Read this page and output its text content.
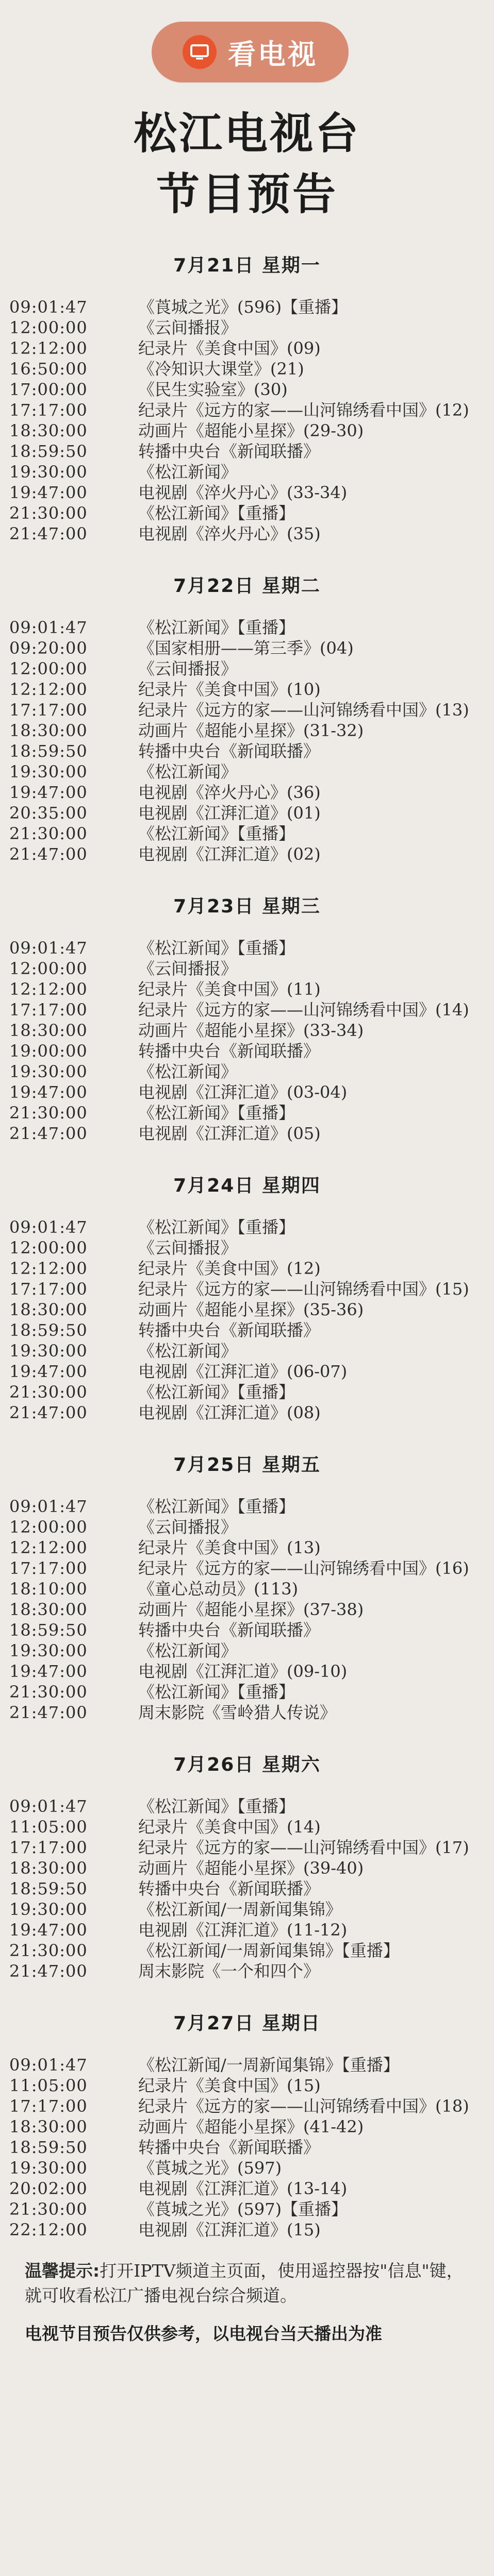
看电视
松江电视台
节目预告
7月21日 星期一
09:01:47	《莨城之光》(596)【重播】
12:00:00	《云间播报》
12:12:00	纪录片《美食中国》(09)
16:50:00	《冷知识大课堂》(21)
17:00:00	《民生实验室》(30)
17:17:00	纪录片《远方的家——山河锦绣看中国》(12)
18:30:00	动画片《超能小星探》(29-30)
18:59:50	转播中央台《新闻联播》
19:30:00	《松江新闻》
19:47:00	电视剧《淬火丹心》(33-34)
21:30:00	《松江新闻》【重播】
21:47:00	电视剧《淬火丹心》(35)
7月22日 星期二
09:01:47	《松江新闻》【重播】
09:20:00	《国家相册——第三季》(04)
12:00:00	《云间播报》
12:12:00	纪录片《美食中国》(10)
17:17:00	纪录片《远方的家——山河锦绣看中国》(13)
18:30:00	动画片《超能小星探》(31-32)
18:59:50	转播中央台《新闻联播》
19:30:00	《松江新闻》
19:47:00	电视剧《淬火丹心》(36)
20:35:00	电视剧《江湃汇道》(01)
21:30:00	《松江新闻》【重播】
21:47:00	电视剧《江湃汇道》(02)
7月23日 星期三
09:01:47	《松江新闻》【重播】
12:00:00	《云间播报》
12:12:00	纪录片《美食中国》(11)
17:17:00	纪录片《远方的家——山河锦绣看中国》(14)
18:30:00	动画片《超能小星探》(33-34)
19:00:00	转播中央台《新闻联播》
19:30:00	《松江新闻》
19:47:00	电视剧《江湃汇道》(03-04)
21:30:00	《松江新闻》【重播】
21:47:00	电视剧《江湃汇道》(05)
7月24日 星期四
09:01:47	《松江新闻》【重播】
12:00:00	《云间播报》
12:12:00	纪录片《美食中国》(12)
17:17:00	纪录片《远方的家——山河锦绣看中国》(15)
18:30:00	动画片《超能小星探》(35-36)
18:59:50	转播中央台《新闻联播》
19:30:00	《松江新闻》
19:47:00	电视剧《江湃汇道》(06-07)
21:30:00	《松江新闻》【重播】
21:47:00	电视剧《江湃汇道》(08)
7月25日 星期五
09:01:47	《松江新闻》【重播】
12:00:00	《云间播报》
12:12:00	纪录片《美食中国》(13)
17:17:00	纪录片《远方的家——山河锦绣看中国》(16)
18:10:00	《童心总动员》(113)
18:30:00	动画片《超能小星探》(37-38)
18:59:50	转播中央台《新闻联播》
19:30:00	《松江新闻》
19:47:00	电视剧《江湃汇道》(09-10)
21:30:00	《松江新闻》【重播】
21:47:00	周末影院《雪岭猎人传说》
7月26日 星期六
09:01:47	《松江新闻》【重播】
11:05:00	纪录片《美食中国》(14)
17:17:00	纪录片《远方的家——山河锦绣看中国》(17)
18:30:00	动画片《超能小星探》(39-40)
18:59:50	转播中央台《新闻联播》
19:30:00	《松江新闻/一周新闻集锦》
19:47:00	电视剧《江湃汇道》(11-12)
21:30:00	《松江新闻/一周新闻集锦》【重播】
21:47:00	周末影院《一个和四个》
7月27日 星期日
09:01:47	《松江新闻/一周新闻集锦》【重播】
11:05:00	纪录片《美食中国》(15)
17:17:00	纪录片《远方的家——山河锦绣看中国》(18)
18:30:00	动画片《超能小星探》(41-42)
18:59:50	转播中央台《新闻联播》
19:30:00	《莨城之光》(597)
20:02:00	电视剧《江湃汇道》(13-14)
21:30:00	《莨城之光》(597)【重播】
22:12:00	电视剧《江湃汇道》(15)
温馨提示:打开IPTV频道主页面，使用遥控器按"信息"键，就可收看松江广播电视台综合频道。
电视节目预告仅供参考，以电视台当天播出为准
